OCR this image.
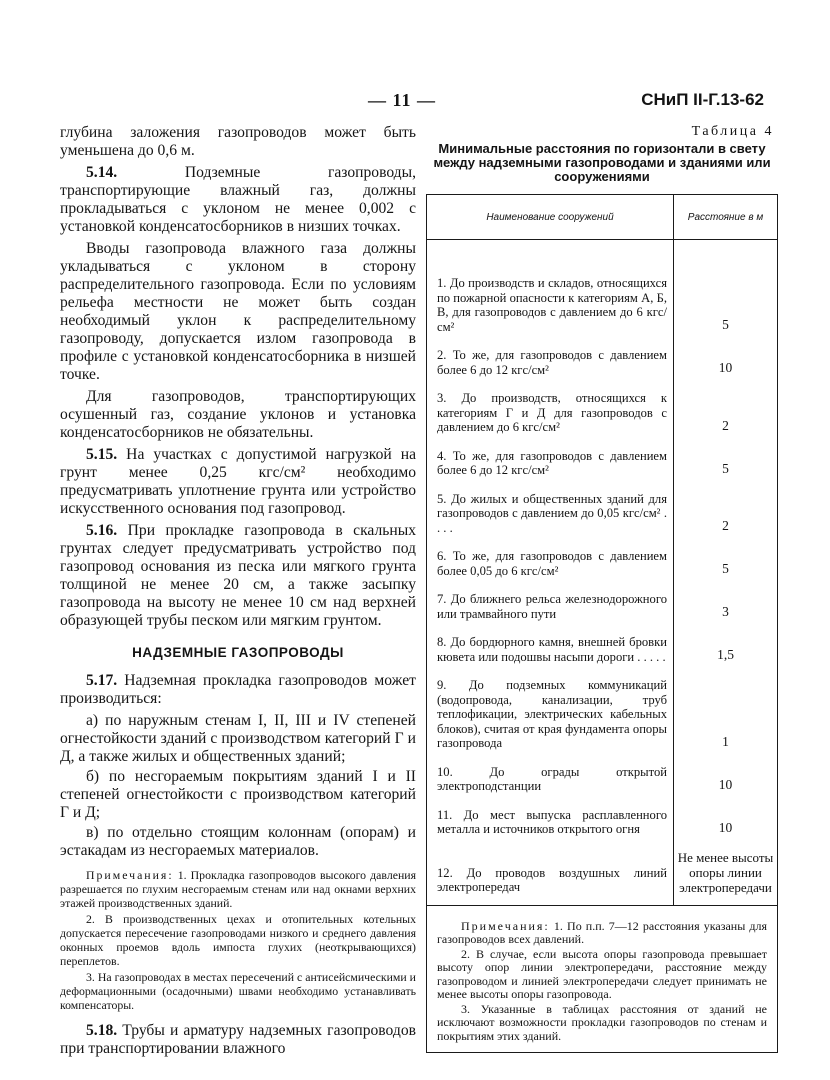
— 11 —	СНиП II-Г.13-62

глубина заложения газопроводов может быть уменьшена до 0,6 м.

5.14. Подземные газопроводы, транспортирующие влажный газ, должны прокладываться с уклоном не менее 0,002 с установкой конденсатосборников в низших точках.

Вводы газопровода влажного газа должны укладываться с уклоном в сторону распределительного газопровода. Если по условиям рельефа местности не может быть создан необходимый уклон к распределительному газопроводу, допускается излом газопровода в профиле с установкой конденсатосборника в низшей точке.

Для газопроводов, транспортирующих осушенный газ, создание уклонов и установка конденсатосборников не обязательны.

5.15. На участках с допустимой нагрузкой на грунт менее 0,25 кгс/см² необходимо предусматривать уплотнение грунта или устройство искусственного основания под газопровод.

5.16. При прокладке газопровода в скальных грунтах следует предусматривать устройство под газопровод основания из песка или мягкого грунта толщиной не менее 20 см, а также засыпку газопровода на высоту не менее 10 см над верхней образующей трубы песком или мягким грунтом.

НАДЗЕМНЫЕ ГАЗОПРОВОДЫ

5.17. Надземная прокладка газопроводов может производиться:

а) по наружным стенам I, II, III и IV степеней огнестойкости зданий с производством категорий Г и Д, а также жилых и общественных зданий;

б) по несгораемым покрытиям зданий I и II степеней огнестойкости с производством категорий Г и Д;

в) по отдельно стоящим колоннам (опорам) и эстакадам из несгораемых материалов.

Примечания: 1. Прокладка газопроводов высокого давления разрешается по глухим несгораемым стенам или над окнами верхних этажей производственных зданий.

2. В производственных цехах и отопительных котельных допускается пересечение газопроводами низкого и среднего давления оконных проемов вдоль импоста глухих (неоткрывающихся) переплетов.

3. На газопроводах в местах пересечений с антисейсмическими и деформационными (осадочными) швами необходимо устанавливать компенсаторы.

5.18. Трубы и арматуру надземных газопроводов при транспортировании влажного

Таблица 4
Минимальные расстояния по горизонтали в свету между надземными газопроводами и зданиями или сооружениями
Наименование сооружений	Расстояние в м
1. До производств и складов, относящихся по пожарной опасности к категориям А, Б, В, для газопроводов с давлением до 6 кгс/см²	5
2. То же, для газопроводов с давлением более 6 до 12 кгс/см²	10
3. До производств, относящихся к категориям Г и Д для газопроводов с давлением до 6 кгс/см²	2
4. То же, для газопроводов с давлением более 6 до 12 кгс/см²	5
5. До жилых и общественных зданий для газопроводов с давлением до 0,05 кгс/см² . . . .	2
6. То же, для газопроводов с давлением более 0,05 до 6 кгс/см²	5
7. До ближнего рельса железнодорожного или трамвайного пути	3
8. До бордюрного камня, внешней бровки кювета или подошвы насыпи дороги . . . . .	1,5
9. До подземных коммуникаций (водопровода, канализации, труб теплофикации, электрических кабельных блоков), считая от края фундамента опоры газопровода	1
10. До ограды открытой электроподстанции	10
11. До мест выпуска расплавленного металла и источников открытого огня	10
12. До проводов воздушных линий электропередач	Не менее высоты опоры линии электропередачи

Примечания: 1. По п.п. 7—12 расстояния указаны для газопроводов всех давлений.

2. В случае, если высота опоры газопровода превышает высоту опор линии электропередачи, расстояние между газопроводом и линией электропередачи следует принимать не менее высоты опоры газопровода.

3. Указанные в таблицах расстояния от зданий не исключают возможности прокладки газопроводов по стенам и покрытиям этих зданий.	
